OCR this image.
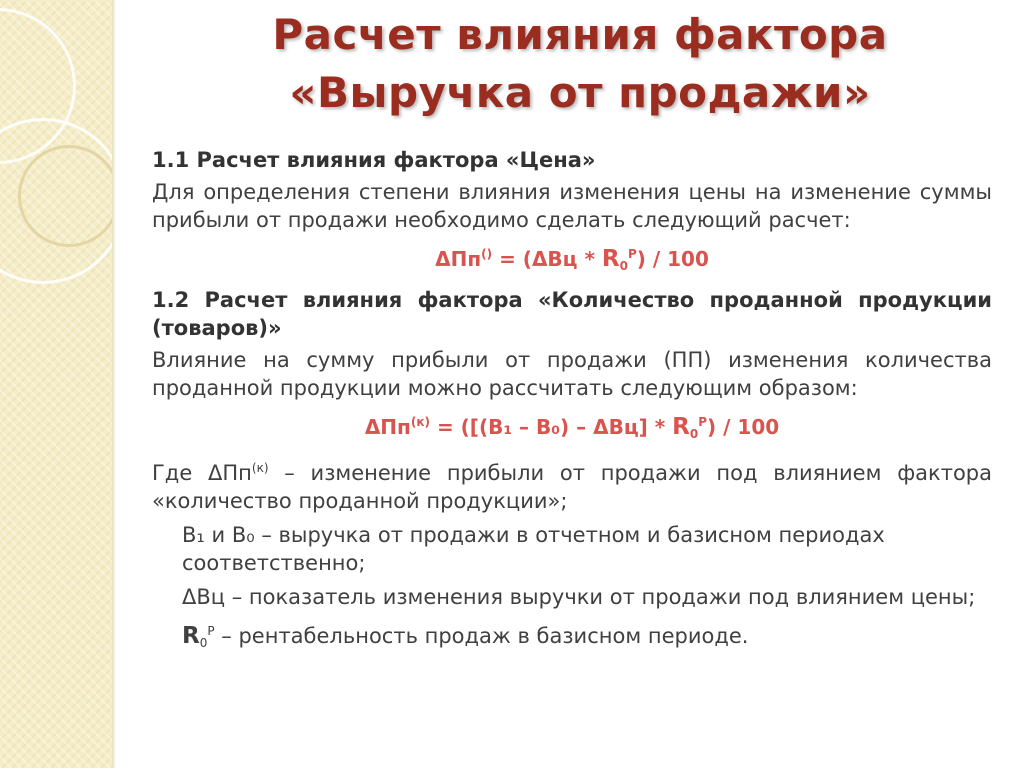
Расчет влияния фактора
«Выручка от продажи»

1.1 Расчет влияния фактора «Цена»

Для определения степени влияния изменения цены на изменение суммы прибыли от продажи необходимо сделать следующий расчет:

$\Delta Пп^{()} = (\Delta Вц * R_0^Р) / 100$

1.2 Расчет влияния фактора «Количество проданной продукции (товаров)»

Влияние на сумму прибыли от продажи (ПП) изменения количества проданной продукции можно рассчитать следующим образом:

$\Delta Пп^{(к)} = ([(В_1 - В_0) - \Delta Вц] * R_0^Р) / 100$

Где ΔПп$^{(к)}$ – изменение прибыли от продажи под влиянием фактора «количество проданной продукции»;

В₁ и В₀ – выручка от продажи в отчетном и базисном периодах соответственно;

ΔВц – показатель изменения выручки от продажи под влиянием цены;

$R_0^Р$ – рентабельность продаж в базисном периоде.
